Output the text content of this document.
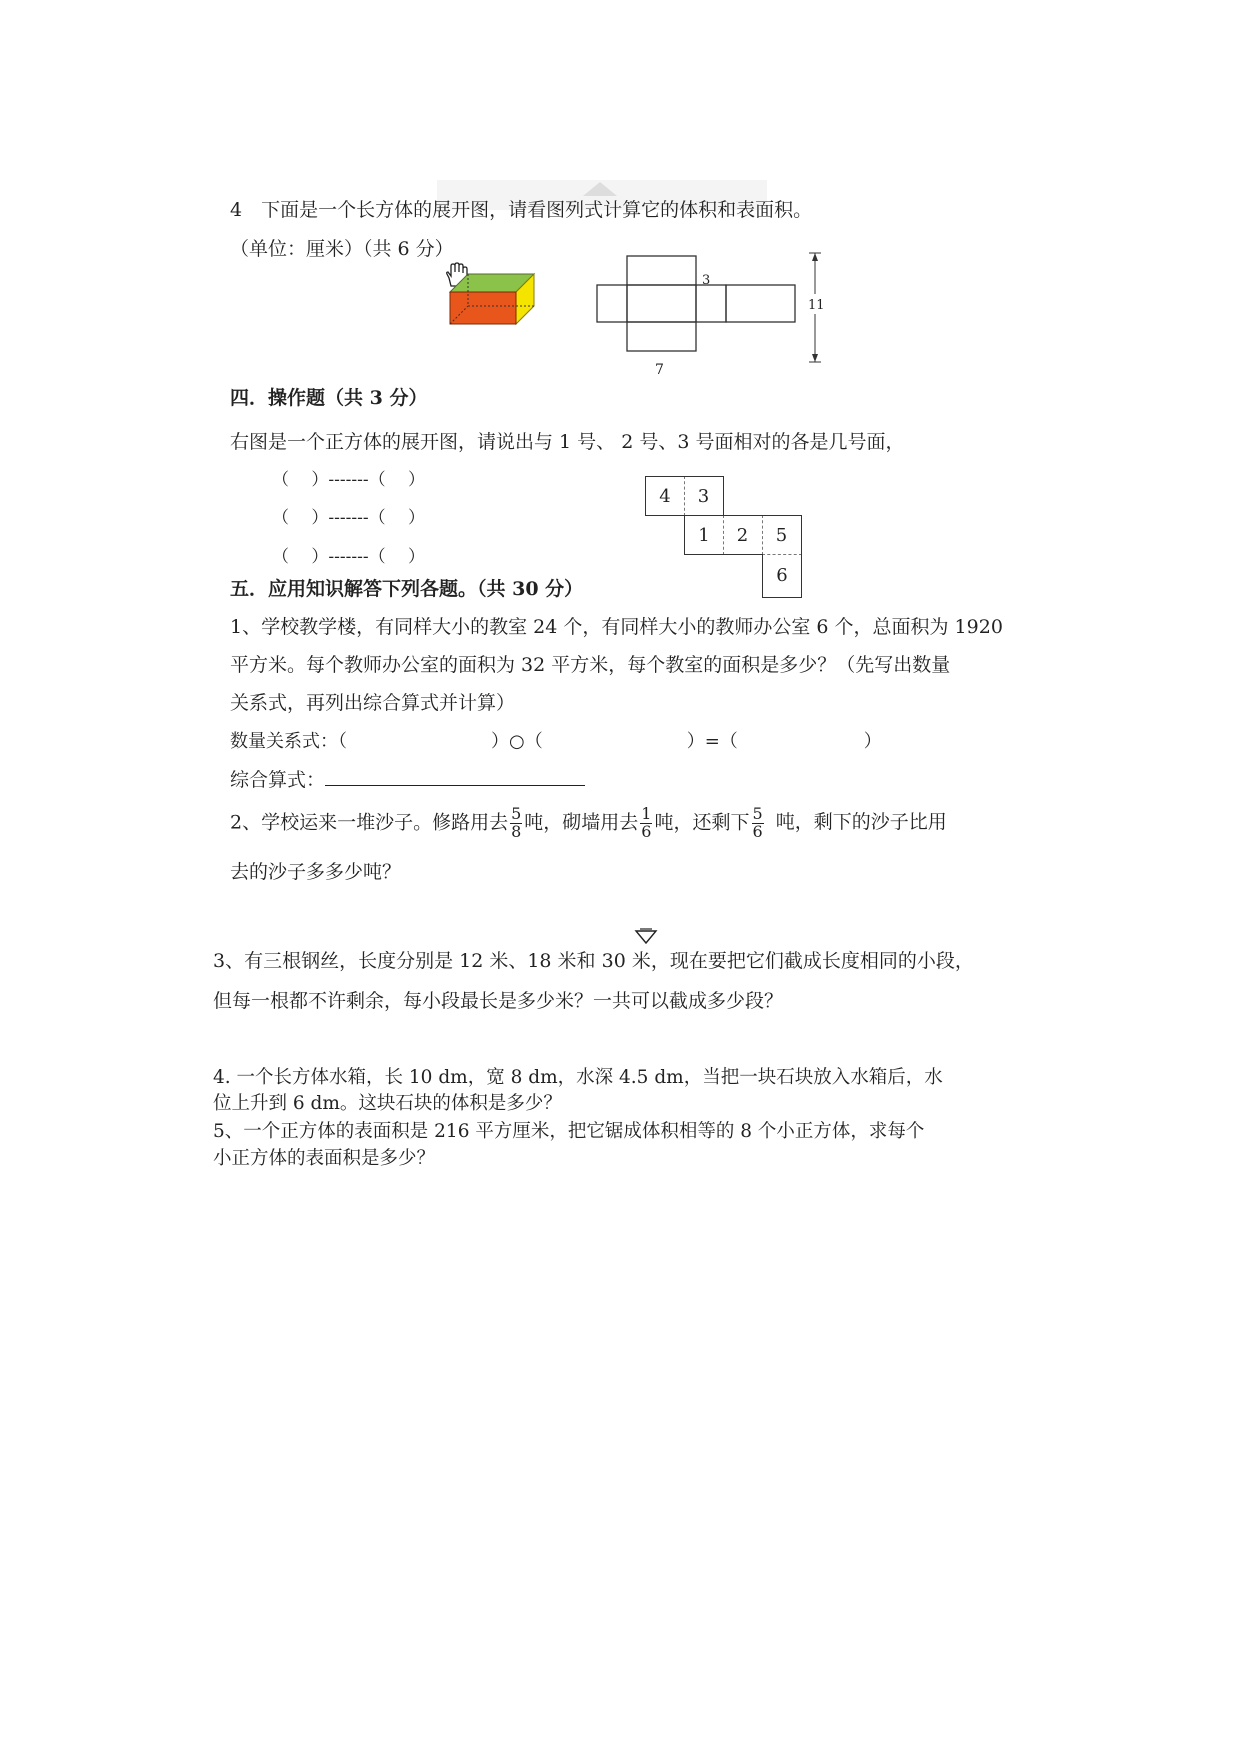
4　下面是一个长方体的展开图，请看图列式计算它的体积和表面积。
（单位：厘米）（共 6 分）
3
11
7
四．操作题（共 3 分）
右图是一个正方体的展开图，请说出与 1 号、 2 号、3 号面相对的各是几号面，
（　 ）-------（　 ）
（　 ）-------（　 ）
（　 ）-------（　 ）
4	3
1	2	5
6
五．应用知识解答下列各题。（共 30 分）
1、学校教学楼，有同样大小的教室 24 个，有同样大小的教师办公室 6 个，总面积为 1920
平方米。每个教师办公室的面积为 32 平方米，每个教室的面积是多少？（先写出数量
关系式，再列出综合算式并计算）
数量关系式：（　　　　　　　　）○（　　　　　　　　）=（　　　　　　　）
综合算式：
2、学校运来一堆沙子。修路用去 $\frac{5}{8}$ 吨，砌墙用去 $\frac{1}{6}$ 吨，还剩下 $\frac{5}{6}$ 吨，剩下的沙子比用
去的沙子多多少吨？
3、有三根钢丝，长度分别是 12 米、18 米和 30 米，现在要把它们截成长度相同的小段，
但每一根都不许剩余，每小段最长是多少米？一共可以截成多少段？
4. 一个长方体水箱，长 10 dm，宽 8 dm，水深 4.5 dm，当把一块石块放入水箱后，水
位上升到 6 dm。这块石块的体积是多少？
5、一个正方体的表面积是 216 平方厘米，把它锯成体积相等的 8 个小正方体，求每个
小正方体的表面积是多少？
